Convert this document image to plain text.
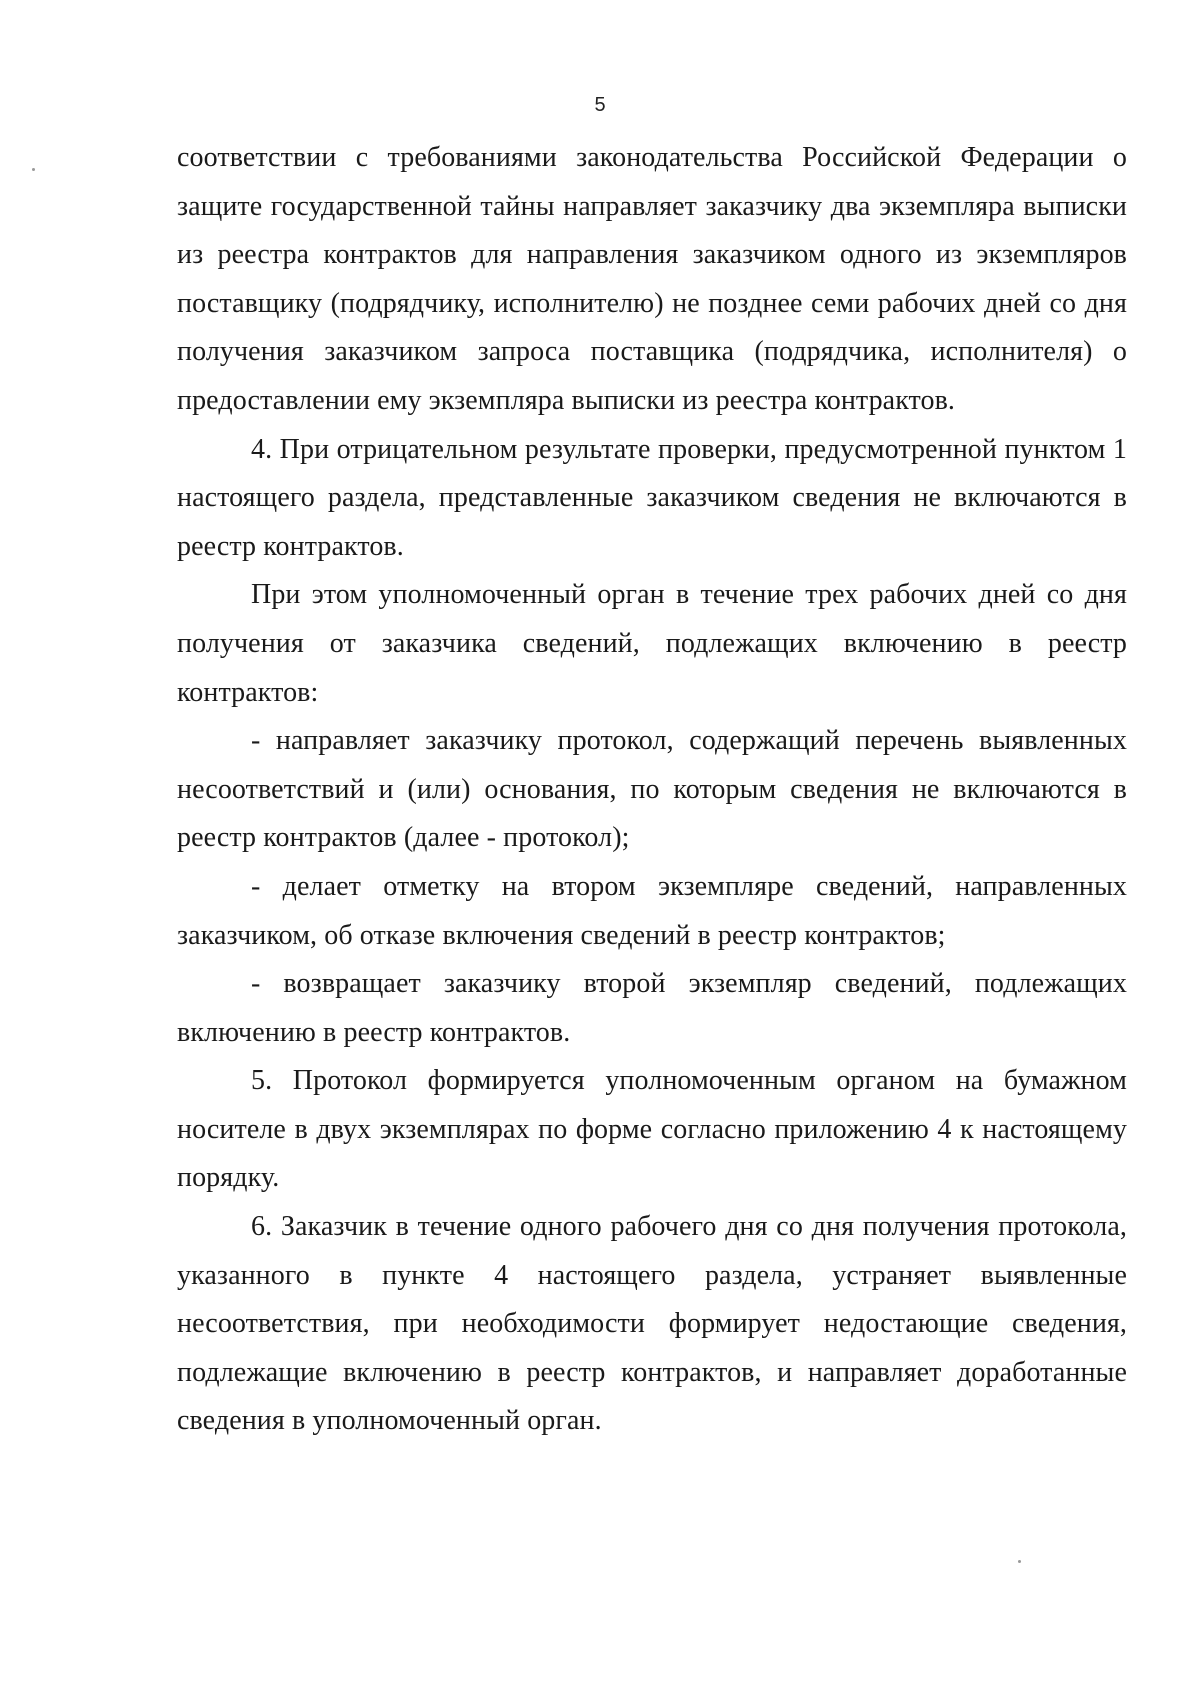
5

соответствии с требованиями законодательства Российской Федерации о защите государственной тайны направляет заказчику два экземпляра выписки из реестра контрактов для направления заказчиком одного из экземпляров поставщику (подрядчику, исполнителю) не позднее семи рабочих дней со дня получения заказчиком запроса поставщика (подрядчика, исполнителя) о предоставлении ему экземпляра выписки из реестра контрактов.

4. При отрицательном результате проверки, предусмотренной пунктом 1 настоящего раздела, представленные заказчиком сведения не включаются в реестр контрактов.

При этом уполномоченный орган в течение трех рабочих дней со дня получения от заказчика сведений, подлежащих включению в реестр контрактов:

- направляет заказчику протокол, содержащий перечень выявленных несоответствий и (или) основания, по которым сведения не включаются в реестр контрактов (далее - протокол);

- делает отметку на втором экземпляре сведений, направленных заказчиком, об отказе включения сведений в реестр контрактов;

- возвращает заказчику второй экземпляр сведений, подлежащих включению в реестр контрактов.

5. Протокол формируется уполномоченным органом на бумажном носителе в двух экземплярах по форме согласно приложению 4 к настоящему порядку.

6. Заказчик в течение одного рабочего дня со дня получения протокола, указанного в пункте 4 настоящего раздела, устраняет выявленные несоответствия, при необходимости формирует недостающие сведения, подлежащие включению в реестр контрактов, и направляет доработанные сведения в уполномоченный орган.
